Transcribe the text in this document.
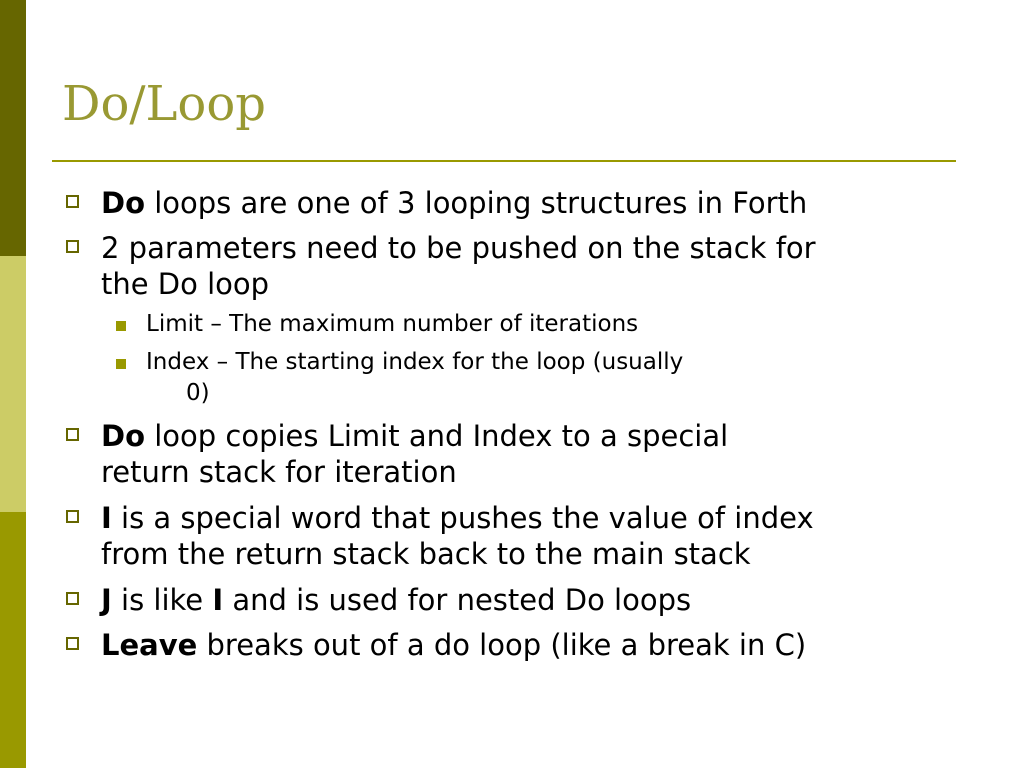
Do/Loop
Do loops are one of 3 looping structures in Forth
2 parameters need to be pushed on the stack for
the Do loop
Limit – The maximum number of iterations
Index – The starting index for the loop (usually
0)
Do loop copies Limit and Index to a special
return stack for iteration
I is a special word that pushes the value of index
from the return stack back to the main stack
J is like I and is used for nested Do loops
Leave breaks out of a do loop (like a break in C)
